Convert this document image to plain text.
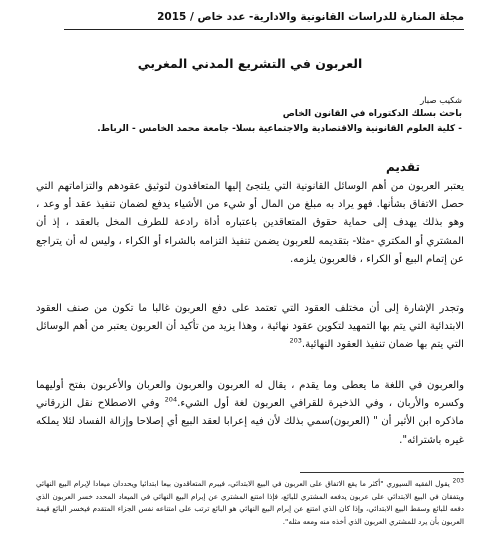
مجلة المنارة للدراسات القانونية والادارية- عدد خاص / 2015
العربون في التشريع المدني المغربي
شكيب صبار
باحث بسلك الدكتوراه في القانون الخاص
- كلية العلوم القانونية والاقتصادية والاجتماعية بسلا- جامعة محمد الخامس - الرباط.
تقديم

يعتبر العربون من أهم الوسائل القانونية التي يلتجئ إليها المتعاقدون لتوثيق عقودهم والتزاماتهم التي حصل الاتفاق بشأنها. فهو يراد به مبلغ من المال أو شيء من الأشياء يدفع لضمان تنفيذ عقد أو وعد ، وهو بذلك يهدف إلى حماية حقوق المتعاقدين باعتباره أداة رادعة للطرف المخل بالعقد ، إذ أن المشتري أو المكتري -مثلا- بتقديمه للعربون يضمن تنفيذ التزامه بالشراء أو الكراء ، وليس له أن يتراجع عن إتمام البيع أو الكراء ، فالعربون يلزمه.

وتجدر الإشارة إلى أن مختلف العقود التي تعتمد على دفع العربون غالبا ما تكون من صنف العقود الابتدائية التي يتم بها التمهيد لتكوين عقود نهائية ، وهذا يزيد من تأكيد أن العربون يعتبر من أهم الوسائل التي يتم بها ضمان تنفيذ العقود النهائية.$^{203}$

والعربون في اللغة ما يعطى وما يقدم ، يقال له العربون والعربون والعربان والأعربون بفتح أوليهما وكسره والأربان ، وفي الذخيرة للقرافي العربون لغة أول الشيء.$^{204}$ وفي الاصطلاح نقل الزرقاني ماذكره ابن الأثير أن " (العربون)سمي بذلك لأن فيه إعرابا لعقد البيع أي إصلاحا وإزالة الفساد لئلا يملكه غيره باشترائه".

$^{203}$ يقول الفقيه السيوري "أكثر ما يقع الاتفاق على العربون في البيع الابتدائي، فيبرم المتعاقدون بيعا ابتدائيا ويحددان ميعادا لإبرام البيع النهائي ويتفقان في البيع الابتدائي على عربون يدفعه المشتري للبائع، فإذا امتنع المشتري عن إبرام البيع النهائي في الميعاد المحدد خسر العربون الذي دفعه للبائع وسقط البيع الابتدائي، وإذا كان الذي امتنع عن إبرام البيع النهائي هو البائع ترتب على امتناعه نفس الجزاء المتقدم فيخسر البائع قيمة العربون بأن يرد للمشتري العربون الذي أخذه منه ومعه مثله".
